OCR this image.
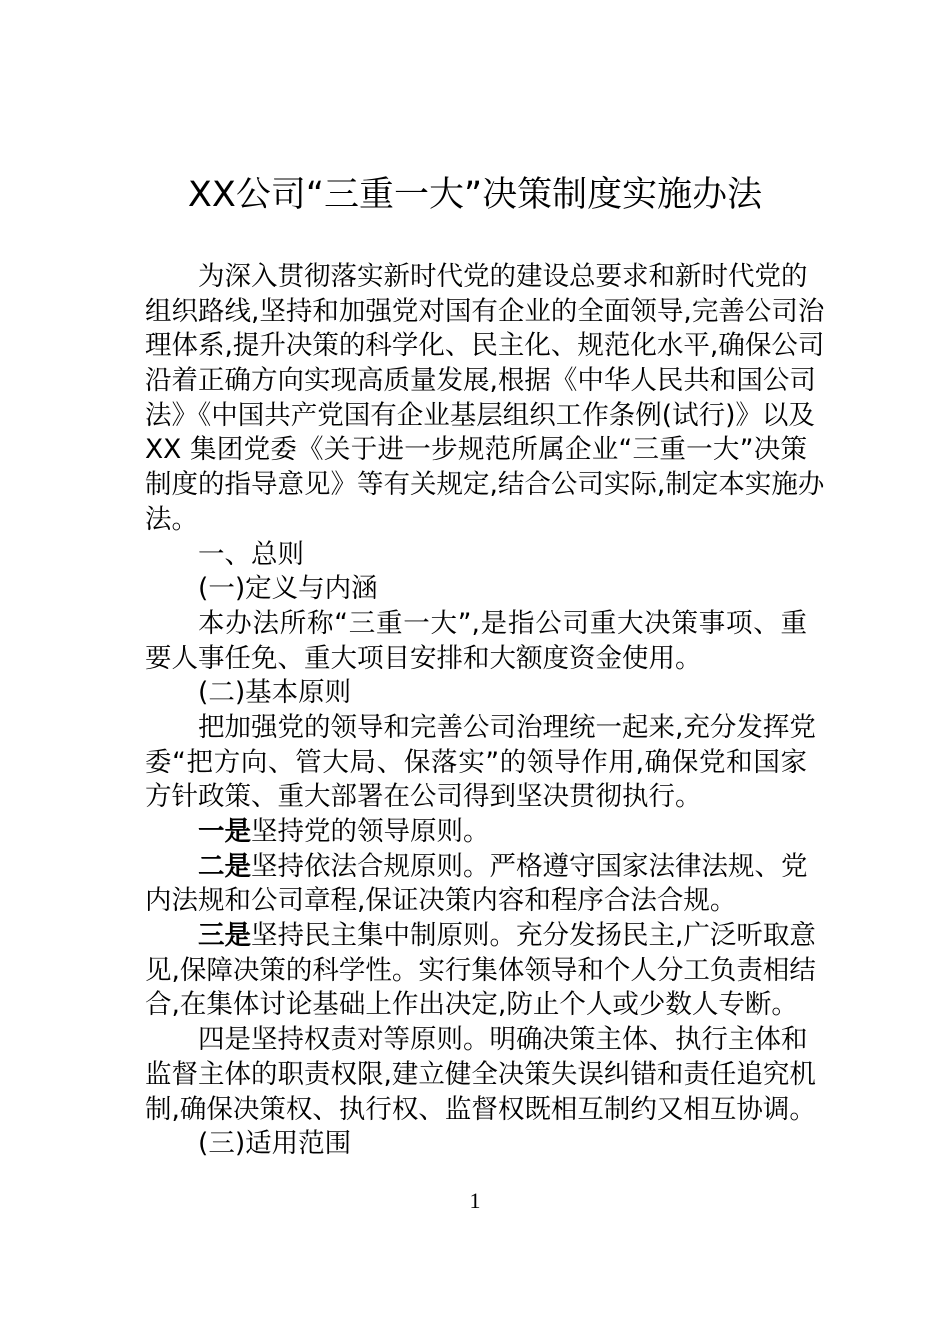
XX公司“三重一大”决策制度实施办法
为深入贯彻落实新时代党的建设总要求和新时代党的
组织路线,坚持和加强党对国有企业的全面领导,完善公司治
理体系,提升决策的科学化、民主化、规范化水平,确保公司
沿着正确方向实现高质量发展,根据《中华人民共和国公司
法》《中国共产党国有企业基层组织工作条例(试行)》以及
XX 集团党委《关于进一步规范所属企业“三重一大”决策
制度的指导意见》等有关规定,结合公司实际,制定本实施办
法。
一、总则
(一)定义与内涵
本办法所称“三重一大”,是指公司重大决策事项、重
要人事任免、重大项目安排和大额度资金使用。
(二)基本原则
把加强党的领导和完善公司治理统一起来,充分发挥党
委“把方向、管大局、保落实”的领导作用,确保党和国家
方针政策、重大部署在公司得到坚决贯彻执行。
一是坚持党的领导原则。
二是坚持依法合规原则。严格遵守国家法律法规、党
内法规和公司章程,保证决策内容和程序合法合规。
三是坚持民主集中制原则。充分发扬民主,广泛听取意
见,保障决策的科学性。实行集体领导和个人分工负责相结
合,在集体讨论基础上作出决定,防止个人或少数人专断。
四是坚持权责对等原则。明确决策主体、执行主体和
监督主体的职责权限,建立健全决策失误纠错和责任追究机
制,确保决策权、执行权、监督权既相互制约又相互协调。
(三)适用范围
1
